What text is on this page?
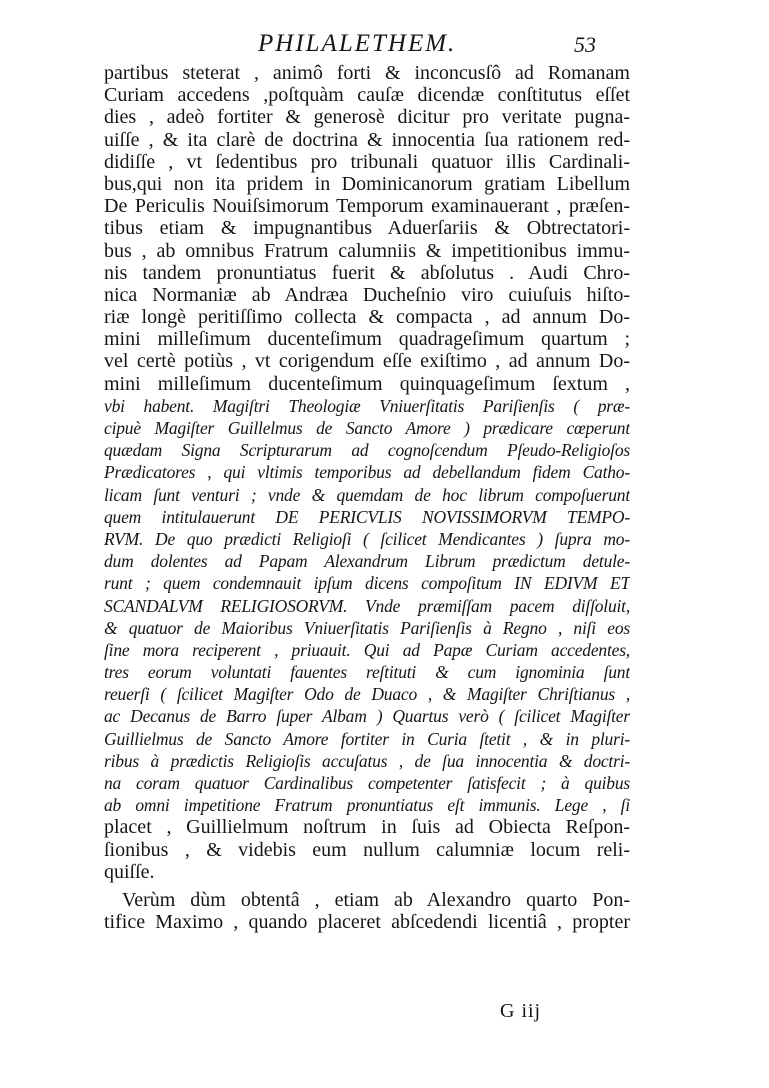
PHILALETHEM.	53
partibus steterat , animô forti & inconcusſô ad Romanam
Curiam accedens ,poſtquàm cauſæ dicendæ conſtitutus eſſet
dies , adeò fortiter & generosè dicitur pro veritate pugna-
uiſſe , & ita clarè de doctrina & innocentia ſua rationem red-
didiſſe , vt ſedentibus pro tribunali quatuor illis Cardinali-
bus,qui non ita pridem in Dominicanorum gratiam Libellum
De Periculis Nouiſsimorum Temporum examinauerant , præſen-
tibus etiam & impugnantibus Aduerſariis & Obtrectatori-
bus , ab omnibus Fratrum calumniis & impetitionibus immu-
nis tandem pronuntiatus fuerit & abſolutus . Audi Chro-
nica Normaniæ ab Andræa Ducheſnio viro cuiuſuis hiſto-
riæ longè peritiſſimo collecta & compacta , ad annum Do-
mini milleſimum ducenteſimum quadrageſimum quartum ;
vel certè potiùs , vt corigendum eſſe exiſtimo , ad annum Do-
mini milleſimum ducenteſimum quinquageſimum ſextum ,
vbi habent. Magiſtri Theologiæ Vniuerſitatis Pariſienſis ( præ-
cipuè Magiſter Guillelmus de Sancto Amore ) prædicare cœperunt
quædam Signa Scripturarum ad cognoſcendum Pſeudo-Religioſos
Prædicatores , qui vltimis temporibus ad debellandum fidem Catho-
licam ſunt venturi ; vnde & quemdam de hoc librum compoſuerunt
quem intitulauerunt DE PERICVLIS NOVISSIMORVM TEMPO-
RVM. De quo prædicti Religioſi ( ſcilicet Mendicantes ) ſupra mo-
dum dolentes ad Papam Alexandrum Librum prædictum detule-
runt ; quem condemnauit ipſum dicens compoſitum IN EDIVM ET
SCANDALVM RELIGIOSORVM. Vnde præmiſſam pacem diſſoluit,
& quatuor de Maioribus Vniuerſitatis Pariſienſis à Regno , niſi eos
ſine mora reciperent , priuauit. Qui ad Papæ Curiam accedentes,
tres eorum voluntati fauentes reſtituti & cum ignominia ſunt
reuerſi ( ſcilicet Magiſter Odo de Duaco , & Magiſter Chriſtianus ,
ac Decanus de Barro ſuper Albam ) Quartus verò ( ſcilicet Magiſter
Guillielmus de Sancto Amore fortiter in Curia ſtetit , & in pluri-
ribus à prædictis Religioſis accuſatus , de ſua innocentia & doctri-
na coram quatuor Cardinalibus competenter ſatisfecit ; à quibus
ab omni impetitione Fratrum pronuntiatus eſt immunis. Lege , ſi
placet , Guillielmum noſtrum in ſuis ad Obiecta Reſpon-
ſionibus , & videbis eum nullum calumniæ locum reli-
quiſſe.
Verùm dùm obtentâ , etiam ab Alexandro quarto Pon-
tifice Maximo , quando placeret abſcedendi licentiâ , propter
G iij
